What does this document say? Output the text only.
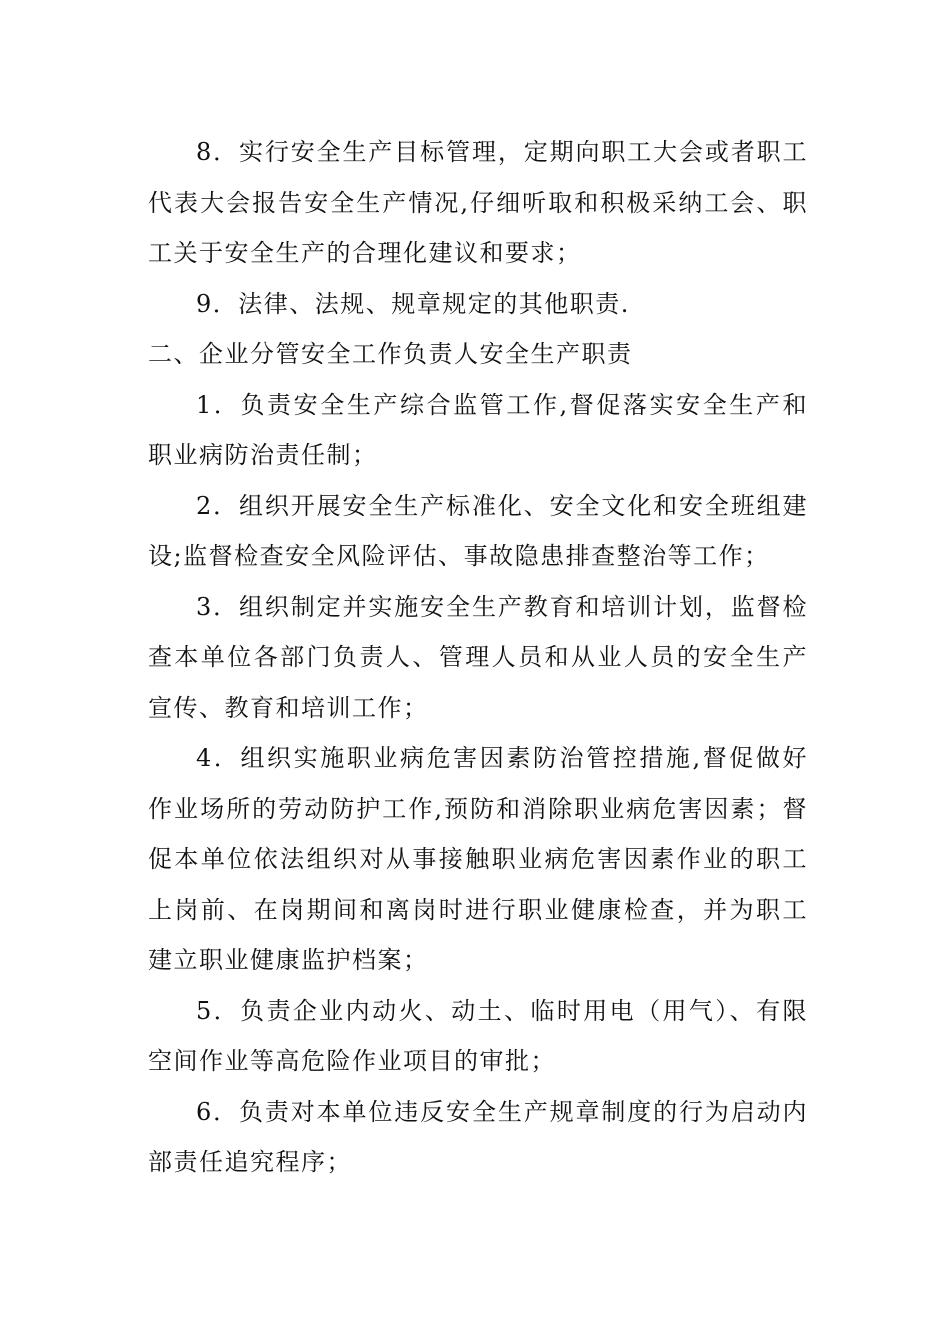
8．实行安全生产目标管理，定期向职工大会或者职工代表大会报告安全生产情况,仔细听取和积极采纳工会、职工关于安全生产的合理化建议和要求；

9．法律、法规、规章规定的其他职责.

二、企业分管安全工作负责人安全生产职责

1．负责安全生产综合监管工作,督促落实安全生产和职业病防治责任制；

2．组织开展安全生产标准化、安全文化和安全班组建设;监督检查安全风险评估、事故隐患排查整治等工作；

3．组织制定并实施安全生产教育和培训计划，监督检查本单位各部门负责人、管理人员和从业人员的安全生产宣传、教育和培训工作；

4．组织实施职业病危害因素防治管控措施,督促做好作业场所的劳动防护工作,预防和消除职业病危害因素；督促本单位依法组织对从事接触职业病危害因素作业的职工上岗前、在岗期间和离岗时进行职业健康检查，并为职工建立职业健康监护档案；

5．负责企业内动火、动土、临时用电（用气）、有限空间作业等高危险作业项目的审批；

6．负责对本单位违反安全生产规章制度的行为启动内部责任追究程序；
